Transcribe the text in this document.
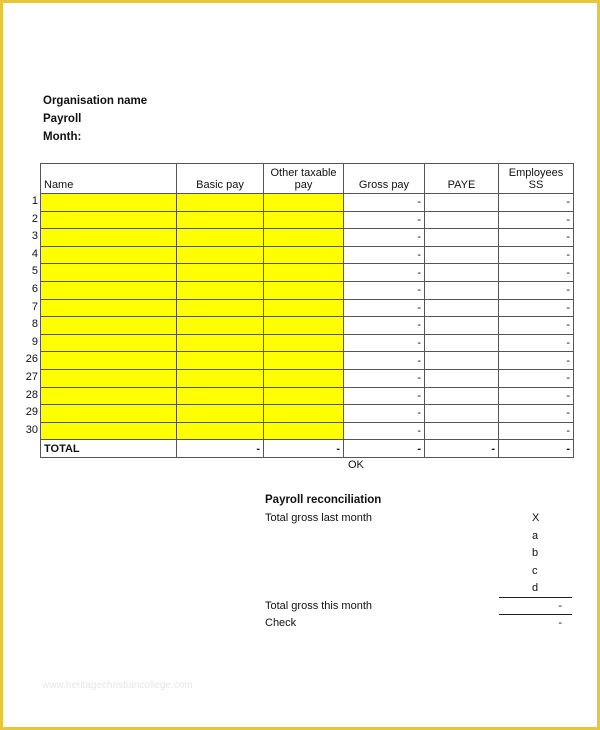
Organisation name
Payroll
Month:
1
2
3
4
5
6
7
8
9
26
27
28
29
30
Name	Basic pay	Other taxable pay	Gross pay	PAYE	Employees SS
			-		-
			-		-
			-		-
			-		-
			-		-
			-		-
			-		-
			-		-
			-		-
			-		-
			-		-
			-		-
			-		-
			-		-
TOTAL	-	-	-	-	-
OK
Payroll reconciliation
Total gross last month	X
a
b
c
d
Total gross this month	-
Check	-
www.heritagechristiancollege.com
